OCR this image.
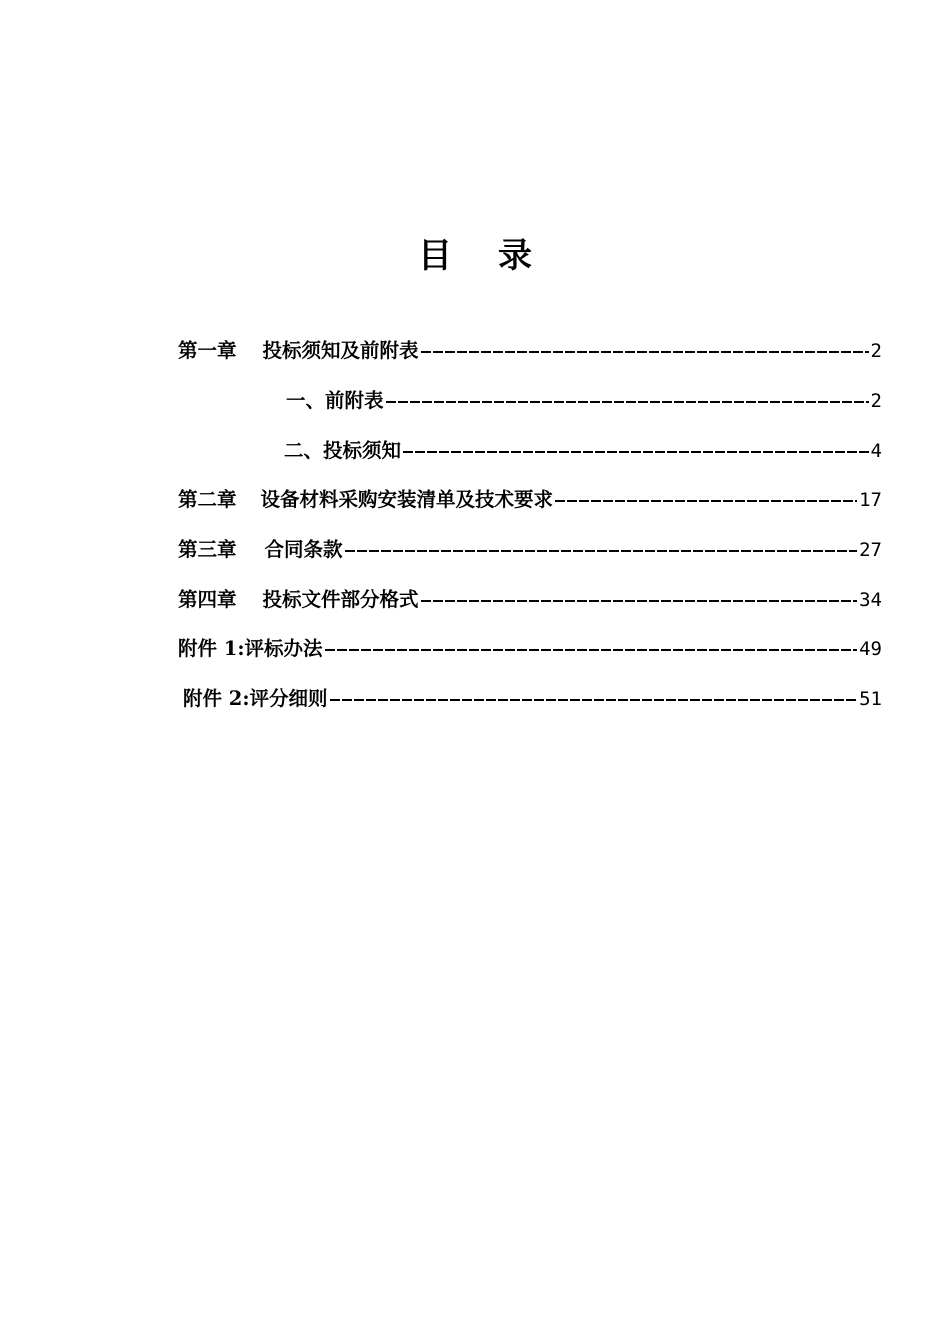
目 录
第一章 投标须知及前附表	2
一、前附表	2
二、投标须知	4
第二章 设备材料采购安装清单及技术要求	17
第三章 合同条款	27
第四章 投标文件部分格式	34
附件 1:评标办法	49
附件 2:评分细则	51
